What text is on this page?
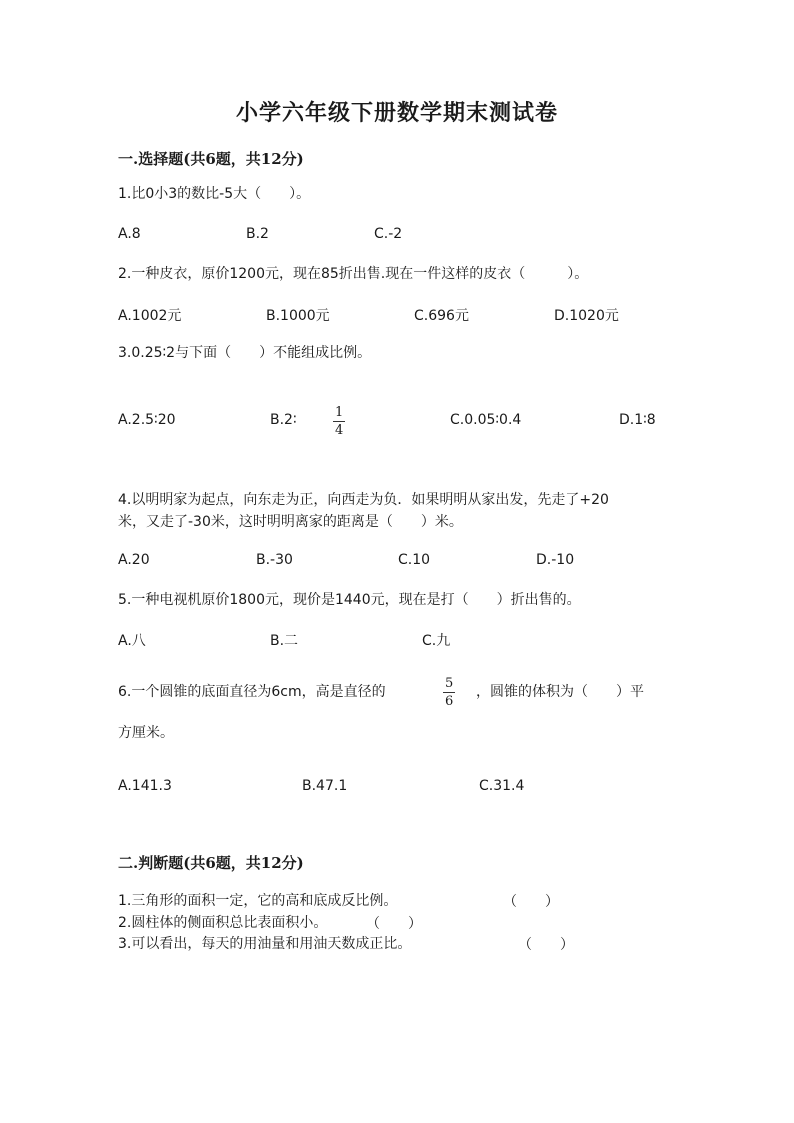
小学六年级下册数学期末测试卷
一.选择题(共6题，共12分)
1.比0小3的数比-5大（　　）。
A.8	B.2	C.-2
2.一种皮衣，原价1200元，现在85折出售.现在一件这样的皮衣（　　　）。
A.1002元	B.1000元	C.696元	D.1020元
3.0.25∶2与下面（　　）不能组成比例。
A.2.5∶20	B.2∶	1
4
C.0.05∶0.4	D.1∶8
4.以明明家为起点，向东走为正，向西走为负．如果明明从家出发，先走了+20
米，又走了-30米，这时明明离家的距离是（　　）米。
A.20	B.-30	C.10	D.-10
5.一种电视机原价1800元，现价是1440元，现在是打（　　）折出售的。
A.八	B.二	C.九
6.一个圆锥的底面直径为6cm，高是直径的
5
6
，圆锥的体积为（　　）平
方厘米。
A.141.3	B.47.1	C.31.4
二.判断题(共6题，共12分)
1.三角形的面积一定，它的高和底成反比例。	（　　）
2.圆柱体的侧面积总比表面积小。	（　　）
3.可以看出，每天的用油量和用油天数成正比。	（　　）
